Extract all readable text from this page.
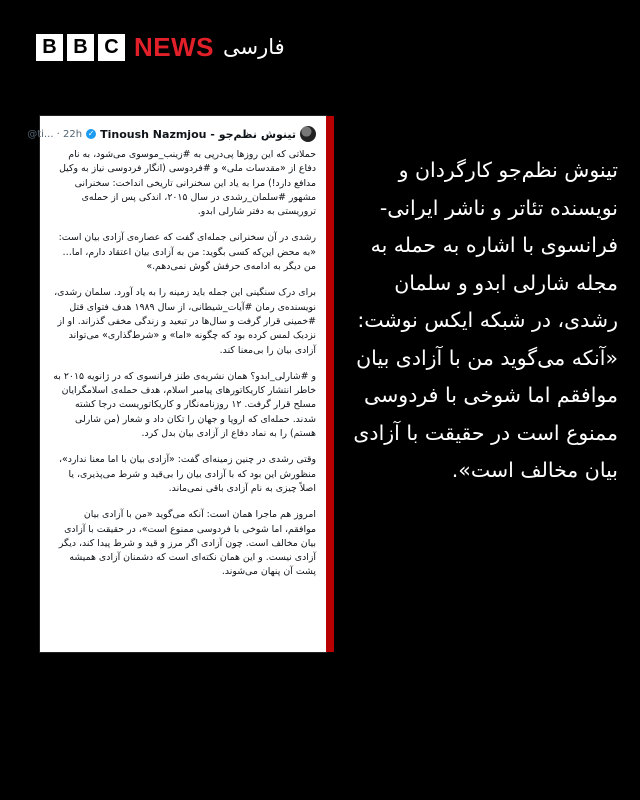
B B C NEWS فارسی
Tinoush Nazmjou - تینوش نظم‌جو
✓
@ti... · 22h

حملاتی که این روزها پی‌درپی به #زینب_موسوی می‌شود، به نام دفاع از «مقدسات ملی» و #فردوسی (انگار فردوسی نیاز به وکیل مدافع دارد!) مرا به یاد این سخنرانی تاریخی انداخت: سخنرانی مشهور #سلمان_رشدی در سال ۲۰۱۵، اندکی پس از حمله‌ی تروریستی به دفتر شارلی ابدو.

رشدی در آن سخنرانی جمله‌ای گفت که عصاره‌ی آزادی بیان است: «به محض این‌که کسی بگوید: من به آزادی بیان اعتقاد دارم، اما… من دیگر به ادامه‌ی حرفش گوش نمی‌دهم.»

برای درک سنگینی این جمله باید زمینه را به یاد آورد. سلمان رشدی، نویسنده‌ی رمان #آیات_شیطانی، از سال ۱۹۸۹ هدف فتوای قتل #خمینی قرار گرفت و سال‌ها در تبعید و زندگی مخفی گذراند. او از نزدیک لمس کرده بود که چگونه «اما» و «شرط‌گذاری» می‌تواند آزادی بیان را بی‌معنا کند.

و #شارلی_ابدو؟ همان نشریه‌ی طنز فرانسوی که در ژانویه ۲۰۱۵ به خاطر انتشار کاریکاتورهای پیامبر اسلام، هدف حمله‌ی اسلامگرایان مسلح قرار گرفت. ۱۲ روزنامه‌نگار و کاریکاتوریست درجا کشته شدند. حمله‌ای که اروپا و جهان را تکان داد و شعار (من شارلی هستم) را به نماد دفاع از آزادی بیان بدل کرد.

وقتی رشدی در چنین زمینه‌ای گفت: «آزادی بیان با اما معنا ندارد»، منظورش این بود که با آزادی بیان را بی‌قید و شرط می‌پذیری، یا اصلاً چیزی به نام آزادی باقی نمی‌ماند.

امروز هم ماجرا همان است: آنکه می‌گوید «من با آزادی بیان موافقم، اما شوخی با فردوسی ممنوع است»، در حقیقت با آزادی بیان مخالف است. چون آزادی اگر مرز و قید و شرط پیدا کند، دیگر آزادی نیست. و این همان نکته‌ای است که دشمنان آزادی همیشه پشت آن پنهان می‌شوند.

تینوش نظم‌جو کارگردان و نویسنده تئاتر و ناشر ایرانی-فرانسوی با اشاره به حمله به مجله شارلی ابدو و سلمان رشدی، در شبکه ایکس نوشت: «آنکه می‌گوید من با آزادی بیان موافقم اما شوخی با فردوسی ممنوع است در حقیقت با آزادی بیان مخالف است».
